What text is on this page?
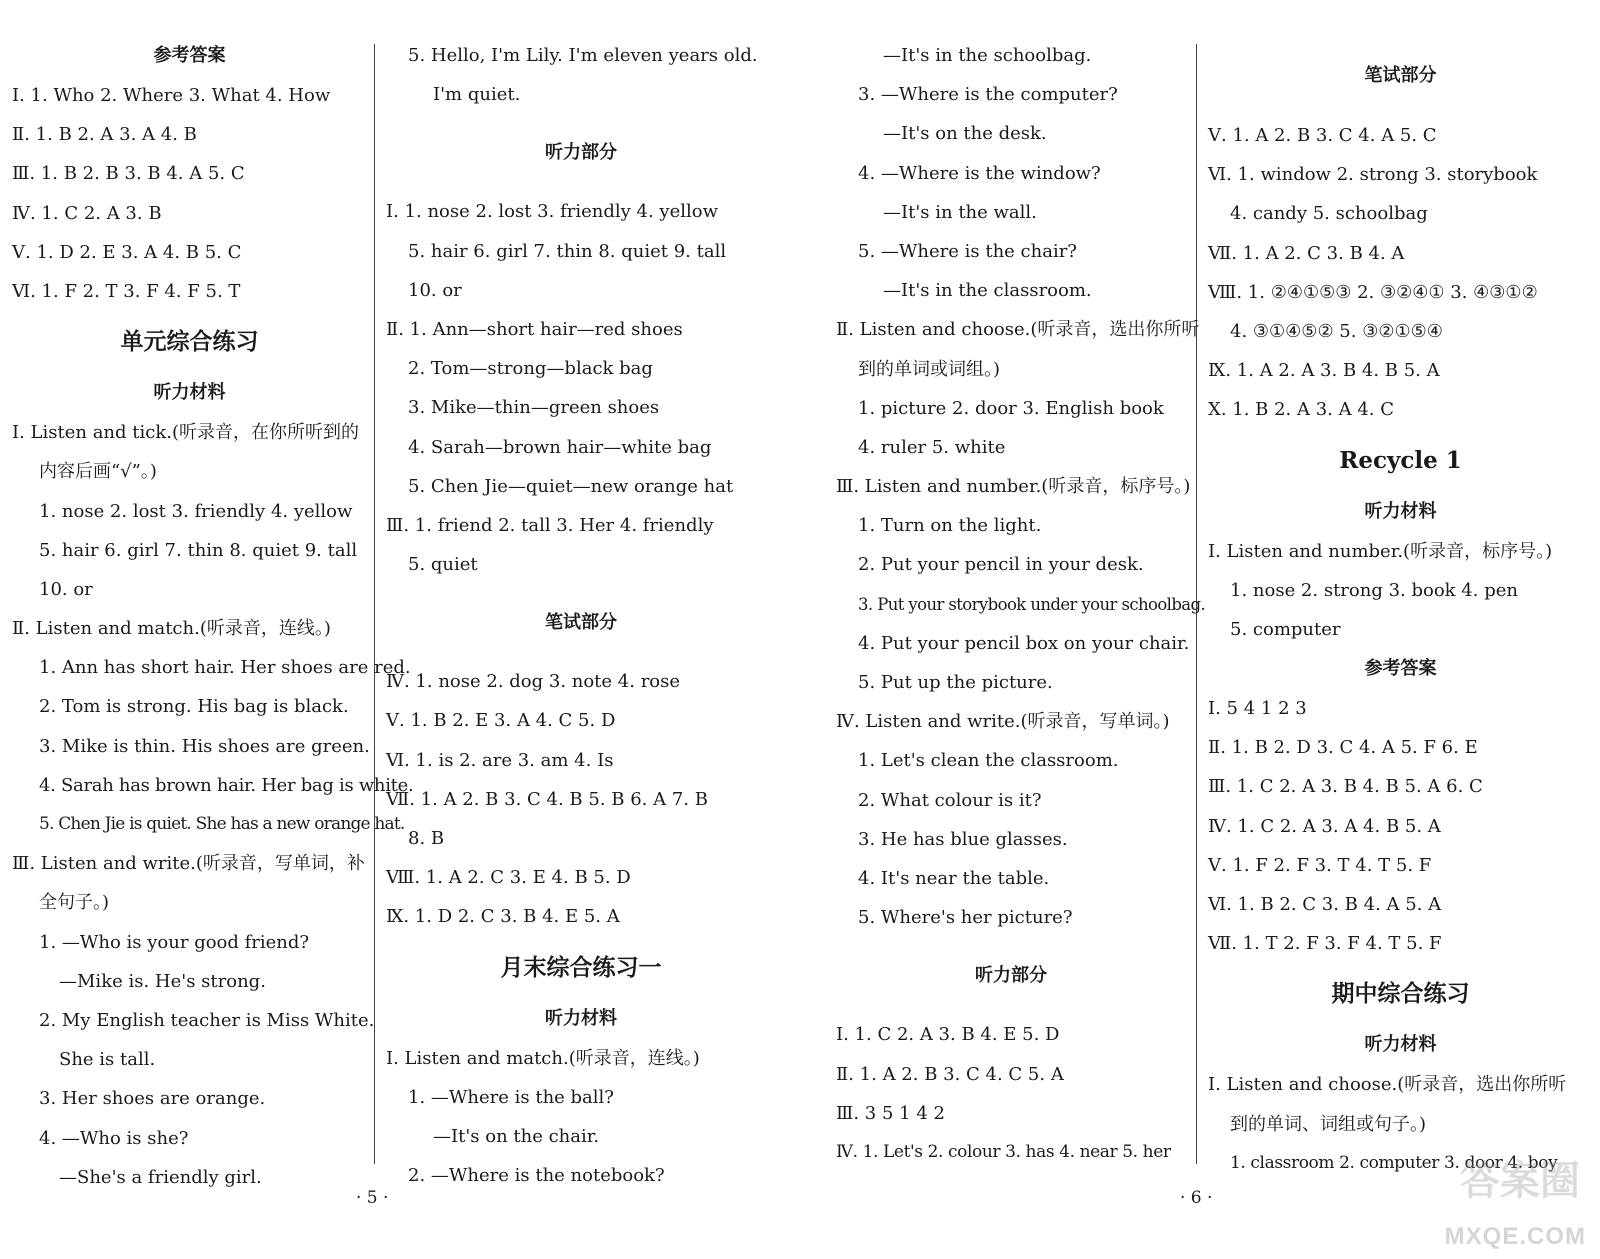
参考答案
Ⅰ. 1. Who 2. Where 3. What 4. How
Ⅱ. 1. B 2. A 3. A 4. B
Ⅲ. 1. B 2. B 3. B 4. A 5. C
Ⅳ. 1. C 2. A 3. B
Ⅴ. 1. D 2. E 3. A 4. B 5. C
Ⅵ. 1. F 2. T 3. F 4. F 5. T
单元综合练习
听力材料
Ⅰ. Listen and tick.(听录音，在你所听到的
内容后画“√”。)
1. nose 2. lost 3. friendly 4. yellow
5. hair 6. girl 7. thin 8. quiet 9. tall
10. or
Ⅱ. Listen and match.(听录音，连线。)
1. Ann has short hair. Her shoes are red.
2. Tom is strong. His bag is black.
3. Mike is thin. His shoes are green.
4. Sarah has brown hair. Her bag is white.
5. Chen Jie is quiet. She has a new orange hat.
Ⅲ. Listen and write.(听录音，写单词，补
全句子。)
1. —Who is your good friend?
—Mike is. He's strong.
2. My English teacher is Miss White.
She is tall.
3. Her shoes are orange.
4. —Who is she?
—She's a friendly girl.
5. Hello, I'm Lily. I'm eleven years old.
I'm quiet.
听力部分
Ⅰ. 1. nose 2. lost 3. friendly 4. yellow
5. hair 6. girl 7. thin 8. quiet 9. tall
10. or
Ⅱ. 1. Ann—short hair—red shoes
2. Tom—strong—black bag
3. Mike—thin—green shoes
4. Sarah—brown hair—white bag
5. Chen Jie—quiet—new orange hat
Ⅲ. 1. friend 2. tall 3. Her 4. friendly
5. quiet
笔试部分
Ⅳ. 1. nose 2. dog 3. note 4. rose
Ⅴ. 1. B 2. E 3. A 4. C 5. D
Ⅵ. 1. is 2. are 3. am 4. Is
Ⅶ. 1. A 2. B 3. C 4. B 5. B 6. A 7. B
8. B
Ⅷ. 1. A 2. C 3. E 4. B 5. D
Ⅸ. 1. D 2. C 3. B 4. E 5. A
月末综合练习一
听力材料
Ⅰ. Listen and match.(听录音，连线。)
1. —Where is the ball?
—It's on the chair.
2. —Where is the notebook?
—It's in the schoolbag.
3. —Where is the computer?
—It's on the desk.
4. —Where is the window?
—It's in the wall.
5. —Where is the chair?
—It's in the classroom.
Ⅱ. Listen and choose.(听录音，选出你所听
到的单词或词组。)
1. picture 2. door 3. English book
4. ruler 5. white
Ⅲ. Listen and number.(听录音，标序号。)
1. Turn on the light.
2. Put your pencil in your desk.
3. Put your storybook under your schoolbag.
4. Put your pencil box on your chair.
5. Put up the picture.
Ⅳ. Listen and write.(听录音，写单词。)
1. Let's clean the classroom.
2. What colour is it?
3. He has blue glasses.
4. It's near the table.
5. Where's her picture?
听力部分
Ⅰ. 1. C 2. A 3. B 4. E 5. D
Ⅱ. 1. A 2. B 3. C 4. C 5. A
Ⅲ. 3 5 1 4 2
Ⅳ. 1. Let's 2. colour 3. has 4. near 5. her
笔试部分
Ⅴ. 1. A 2. B 3. C 4. A 5. C
Ⅵ. 1. window 2. strong 3. storybook
4. candy 5. schoolbag
Ⅶ. 1. A 2. C 3. B 4. A
Ⅷ. 1. ②④①⑤③ 2. ③②④① 3. ④③①②
4. ③①④⑤② 5. ③②①⑤④
Ⅸ. 1. A 2. A 3. B 4. B 5. A
Ⅹ. 1. B 2. A 3. A 4. C
Recycle 1
听力材料
Ⅰ. Listen and number.(听录音，标序号。)
1. nose 2. strong 3. book 4. pen
5. computer
参考答案
Ⅰ. 5 4 1 2 3
Ⅱ. 1. B 2. D 3. C 4. A 5. F 6. E
Ⅲ. 1. C 2. A 3. B 4. B 5. A 6. C
Ⅳ. 1. C 2. A 3. A 4. B 5. A
Ⅴ. 1. F 2. F 3. T 4. T 5. F
Ⅵ. 1. B 2. C 3. B 4. A 5. A
Ⅶ. 1. T 2. F 3. F 4. T 5. F
期中综合练习
听力材料
Ⅰ. Listen and choose.(听录音，选出你所听
到的单词、词组或句子。)
1. classroom 2. computer 3. door 4. boy
· 5 ·	· 6 ·	答案圈
MXQE.COM
